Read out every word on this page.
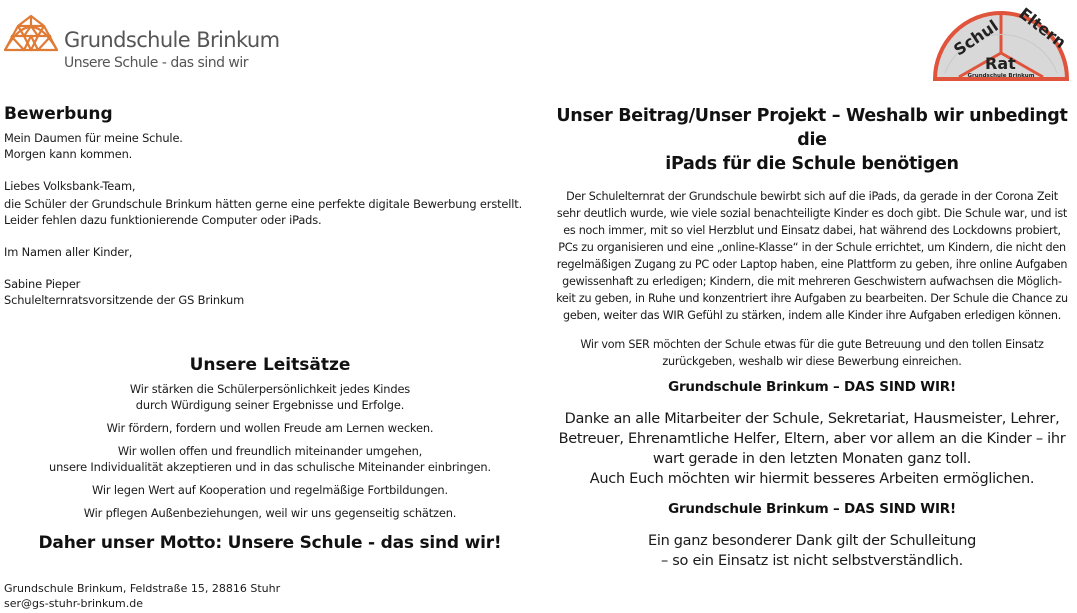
Grundschule Brinkum
Unsere Schule - das sind wir
Schul Eltern
Rat
Grundschule Brinkum
Bewerbung

Mein Daumen für meine Schule.

Morgen kann kommen.

Liebes Volksbank-Team,

die Schüler der Grundschule Brinkum hätten gerne eine perfekte digitale Bewerbung erstellt.

Leider fehlen dazu funktionierende Computer oder iPads.

Im Namen aller Kinder,

Sabine Pieper

Schulelternratsvorsitzende der GS Brinkum

Unsere Leitsätze

Wir stärken die Schülerpersönlichkeit jedes Kindes
durch Würdigung seiner Ergebnisse und Erfolge.

Wir fördern, fordern und wollen Freude am Lernen wecken.

Wir wollen offen und freundlich miteinander umgehen,
unsere Individualität akzeptieren und in das schulische Miteinander einbringen.

Wir legen Wert auf Kooperation und regelmäßige Fortbildungen.

Wir pflegen Außenbeziehungen, weil wir uns gegenseitig schätzen.

Daher unser Motto: Unsere Schule - das sind wir!
Grundschule Brinkum, Feldstraße 15, 28816 Stuhr
ser@gs-stuhr-brinkum.de
Unser Beitrag/Unser Projekt – Weshalb wir unbedingt die
iPads für die Schule benötigen

Der Schulelternrat der Grundschule bewirbt sich auf die iPads, da gerade in der Corona Zeit
sehr deutlich wurde, wie viele sozial benachteiligte Kinder es doch gibt. Die Schule war, und ist
es noch immer, mit so viel Herzblut und Einsatz dabei, hat während des Lockdowns probiert,
PCs zu organisieren und eine „online-Klasse“ in der Schule errichtet, um Kindern, die nicht den
regelmäßigen Zugang zu PC oder Laptop haben, eine Plattform zu geben, ihre online Aufgaben
gewissenhaft zu erledigen; Kindern, die mit mehreren Geschwistern aufwachsen die Möglich-
keit zu geben, in Ruhe und konzentriert ihre Aufgaben zu bearbeiten. Der Schule die Chance zu
geben, weiter das WIR Gefühl zu stärken, indem alle Kinder ihre Aufgaben erledigen können.

Wir vom SER möchten der Schule etwas für die gute Betreuung und den tollen Einsatz
zurückgeben, weshalb wir diese Bewerbung einreichen.

Grundschule Brinkum – DAS SIND WIR!

Danke an alle Mitarbeiter der Schule, Sekretariat, Hausmeister, Lehrer,
Betreuer, Ehrenamtliche Helfer, Eltern, aber vor allem an die Kinder – ihr
wart gerade in den letzten Monaten ganz toll.
Auch Euch möchten wir hiermit besseres Arbeiten ermöglichen.

Grundschule Brinkum – DAS SIND WIR!

Ein ganz besonderer Dank gilt der Schulleitung
– so ein Einsatz ist nicht selbstverständlich.
